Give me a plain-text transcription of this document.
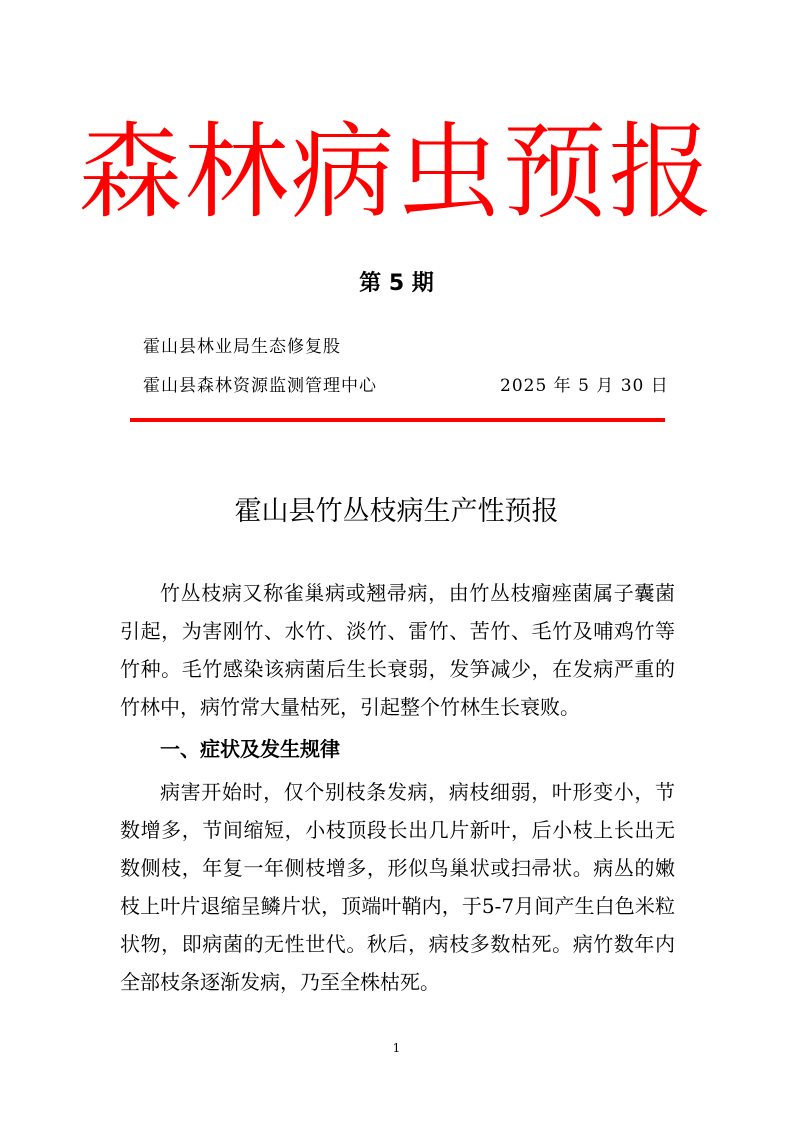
森林病虫预报
第 5 期
霍山县林业局生态修复股
霍山县森林资源监测管理中心	2025 年 5 月 30 日
霍山县竹丛枝病生产性预报
竹丛枝病又称雀巢病或翘帚病，由竹丛枝瘤痤菌属子囊菌引起，为害刚竹、水竹、淡竹、雷竹、苦竹、毛竹及哺鸡竹等竹种。毛竹感染该病菌后生长衰弱，发笋减少，在发病严重的竹林中，病竹常大量枯死，引起整个竹林生长衰败。
一、症状及发生规律
病害开始时，仅个别枝条发病，病枝细弱，叶形变小，节数增多，节间缩短，小枝顶段长出几片新叶，后小枝上长出无数侧枝，年复一年侧枝增多，形似鸟巢状或扫帚状。病丛的嫩枝上叶片退缩呈鳞片状，顶端叶鞘内，于5-7月间产生白色米粒状物，即病菌的无性世代。秋后，病枝多数枯死。病竹数年内全部枝条逐渐发病，乃至全株枯死。
1
